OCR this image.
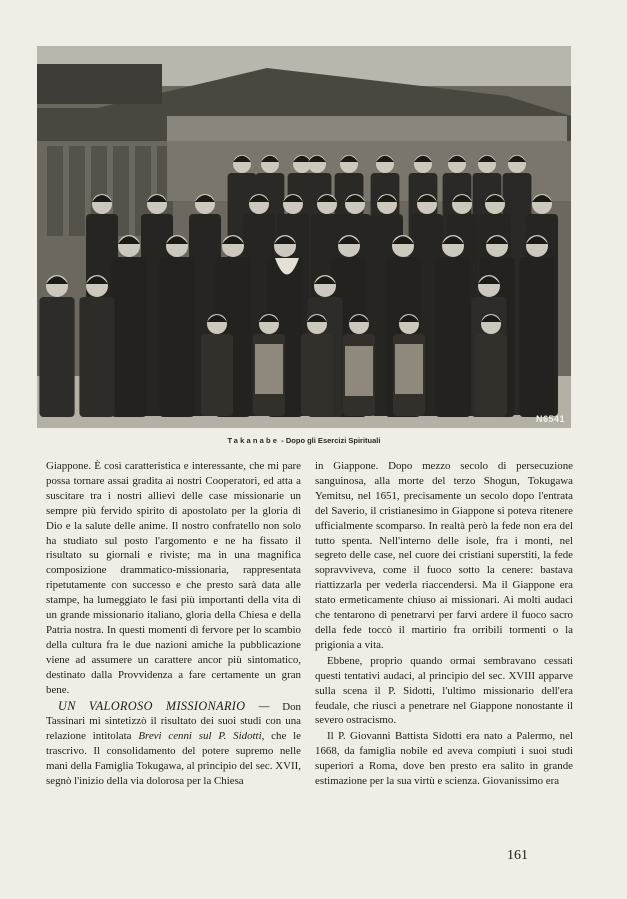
N6541
Takanabe - Dopo gli Esercizi Spirituali

Giappone. È così caratteristica e interessante, che mi pare possa tornare assai gradita ai nostri Cooperatori, ed atta a suscitare tra i nostri allievi delle case missionarie un sempre più fervido spirito di apostolato per la gloria di Dio e la salute delle anime. Il nostro confratello non solo ha studiato sul posto l'argomento e ne ha fissato il risultato su giornali e riviste; ma in una magnifica composizione drammatico-missionaria, rappresentata ripetutamente con successo e che presto sarà data alle stampe, ha lumeggiato le fasi più importanti della vita di un grande missionario italiano, gloria della Chiesa e della Patria nostra. In questi momenti di fervore per lo scambio della cultura fra le due nazioni amiche la pubblicazione viene ad assumere un carattere ancor più sintomatico, destinato dalla Provvidenza a fare certamente un gran bene.

UN VALOROSO MISSIONARIO — Don Tassinari mi sintetizzò il risultato dei suoi studi con una relazione intitolata Brevi cenni sul P. Sidotti, che le trascrivo. Il consolidamento del potere supremo nelle mani della Famiglia Tokugawa, al principio del sec. XVII, segnò l'inizio della via dolorosa per la Chiesa

in Giappone. Dopo mezzo secolo di persecuzione sanguinosa, alla morte del terzo Shogun, Tokugawa Yemitsu, nel 1651, precisamente un secolo dopo l'entrata del Saverio, il cristianesimo in Giappone si poteva ritenere ufficialmente scomparso. In realtà però la fede non era del tutto spenta. Nell'interno delle isole, fra i monti, nel segreto delle case, nel cuore dei cristiani superstiti, la fede sopravviveva, come il fuoco sotto la cenere: bastava riattizzarla per vederla riaccendersi. Ma il Giappone era stato ermeticamente chiuso ai missionari. Ai molti audaci che tentarono di penetrarvi per farvi ardere il fuoco sacro della fede toccò il martirio fra orribili tormenti o la prigionia a vita.

Ebbene, proprio quando ormai sembravano cessati questi tentativi audaci, al principio del sec. XVIII apparve sulla scena il P. Sidotti, l'ultimo missionario dell'era feudale, che riuscì a penetrare nel Giappone nonostante il severo ostracismo.

Il P. Giovanni Battista Sidotti era nato a Palermo, nel 1668, da famiglia nobile ed aveva compiuti i suoi studi superiori a Roma, dove ben presto era salito in grande estimazione per la sua virtù e scienza. Giovanissimo era

161
